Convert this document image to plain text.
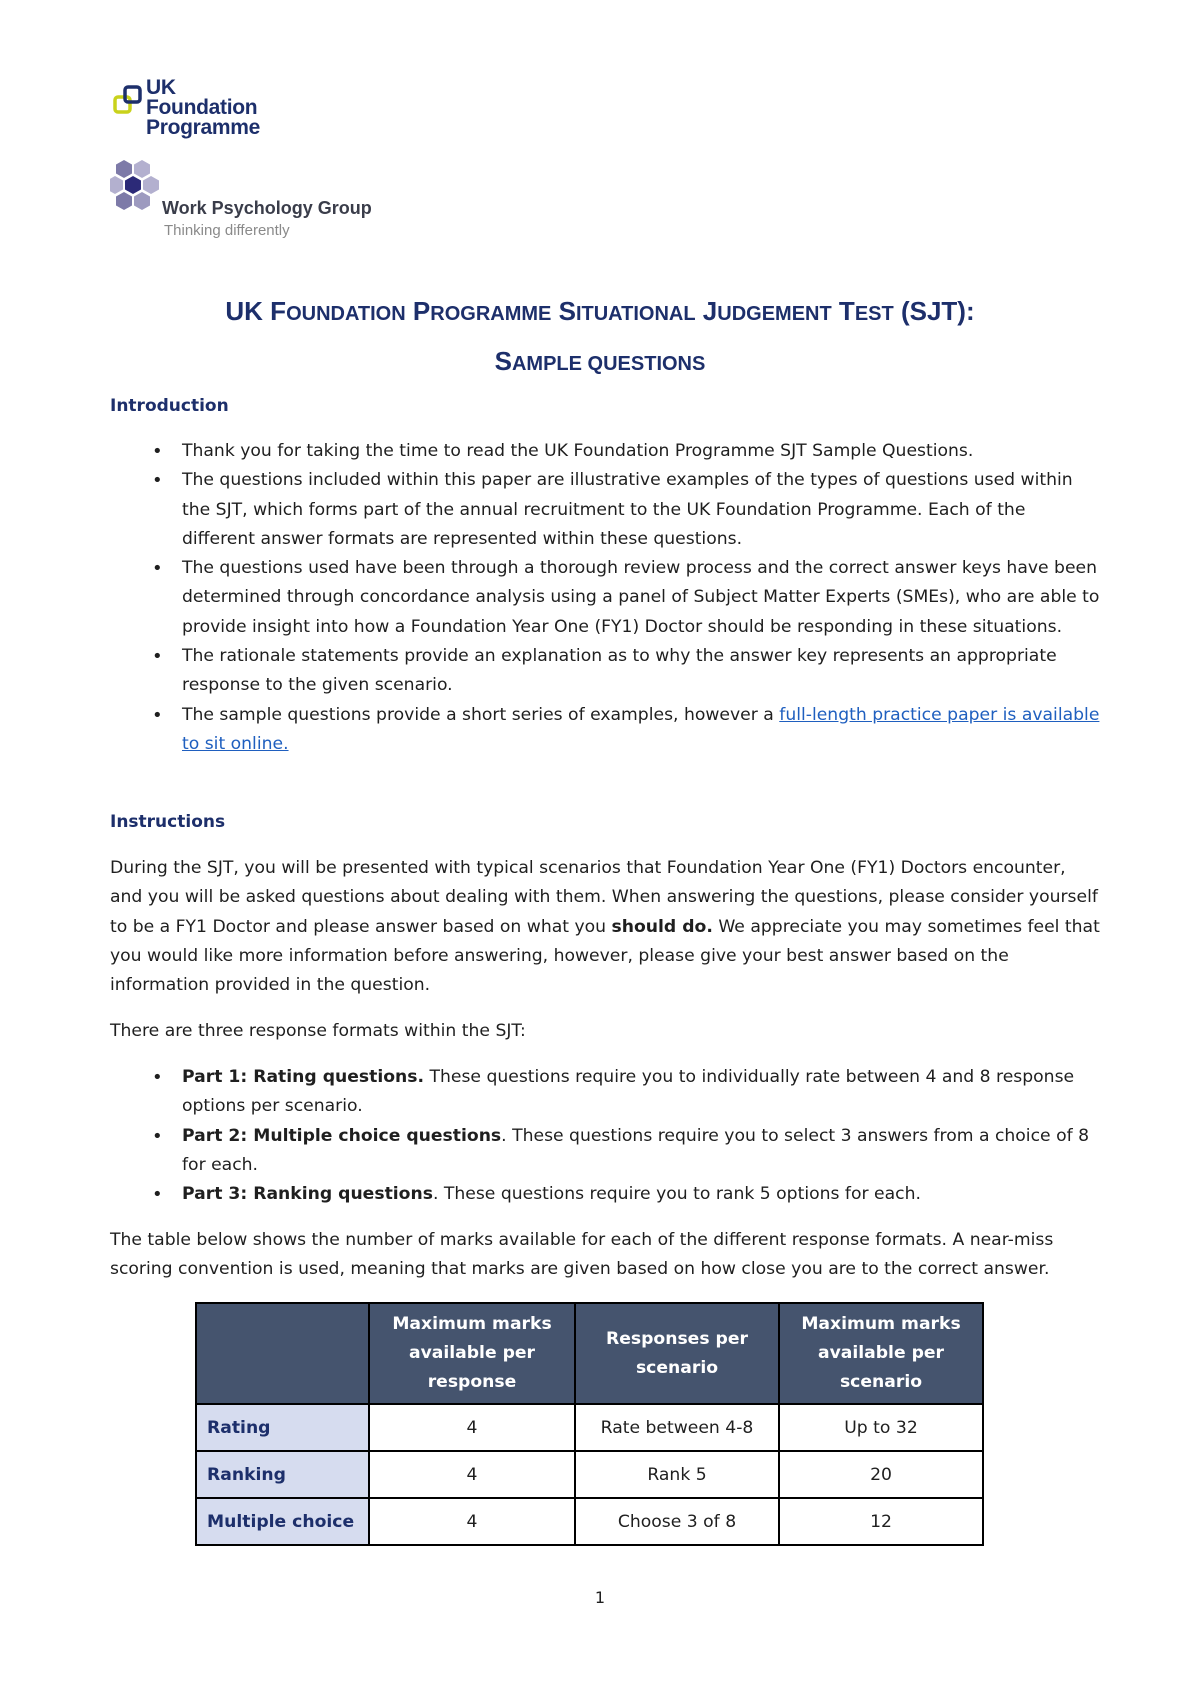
UK
Foundation
Programme
Work Psychology Group
Thinking differently
UK FOUNDATION PROGRAMME SITUATIONAL JUDGEMENT TEST (SJT):
SAMPLE QUESTIONS
Introduction
• Thank you for taking the time to read the UK Foundation Programme SJT Sample Questions.
• The questions included within this paper are illustrative examples of the types of questions used within the SJT, which forms part of the annual recruitment to the UK Foundation Programme. Each of the different answer formats are represented within these questions.
• The questions used have been through a thorough review process and the correct answer keys have been determined through concordance analysis using a panel of Subject Matter Experts (SMEs), who are able to provide insight into how a Foundation Year One (FY1) Doctor should be responding in these situations.
• The rationale statements provide an explanation as to why the answer key represents an appropriate response to the given scenario.
• The sample questions provide a short series of examples, however a full-length practice paper is available to sit online.
Instructions
During the SJT, you will be presented with typical scenarios that Foundation Year One (FY1) Doctors encounter, and you will be asked questions about dealing with them. When answering the questions, please consider yourself to be a FY1 Doctor and please answer based on what you should do. We appreciate you may sometimes feel that you would like more information before answering, however, please give your best answer based on the information provided in the question.
There are three response formats within the SJT:
• Part 1: Rating questions. These questions require you to individually rate between 4 and 8 response options per scenario.
• Part 2: Multiple choice questions. These questions require you to select 3 answers from a choice of 8 for each.
• Part 3: Ranking questions. These questions require you to rank 5 options for each.
The table below shows the number of marks available for each of the different response formats. A near-miss scoring convention is used, meaning that marks are given based on how close you are to the correct answer.
	Maximum marks available per response	Responses per scenario	Maximum marks available per scenario
Rating	4	Rate between 4-8	Up to 32
Ranking	4	Rank 5	20
Multiple choice	4	Choose 3 of 8	12
1
